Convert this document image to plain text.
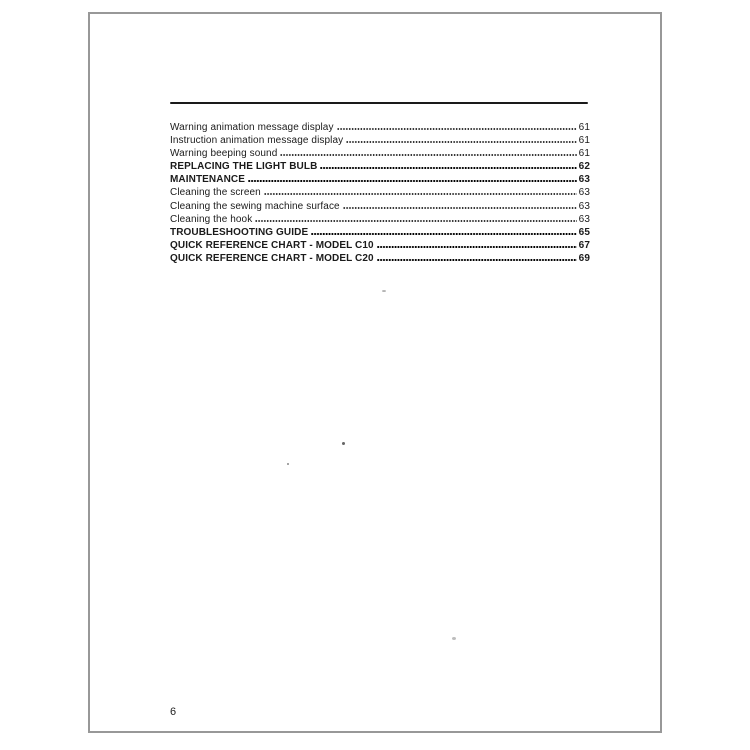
Warning animation message display	61
Instruction animation message display	61
Warning beeping sound	61
REPLACING THE LIGHT BULB	62
MAINTENANCE	63
Cleaning the screen	63
Cleaning the sewing machine surface	63
Cleaning the hook	63
TROUBLESHOOTING GUIDE	65
QUICK REFERENCE CHART - MODEL C10	67
QUICK REFERENCE CHART - MODEL C20	69
6
